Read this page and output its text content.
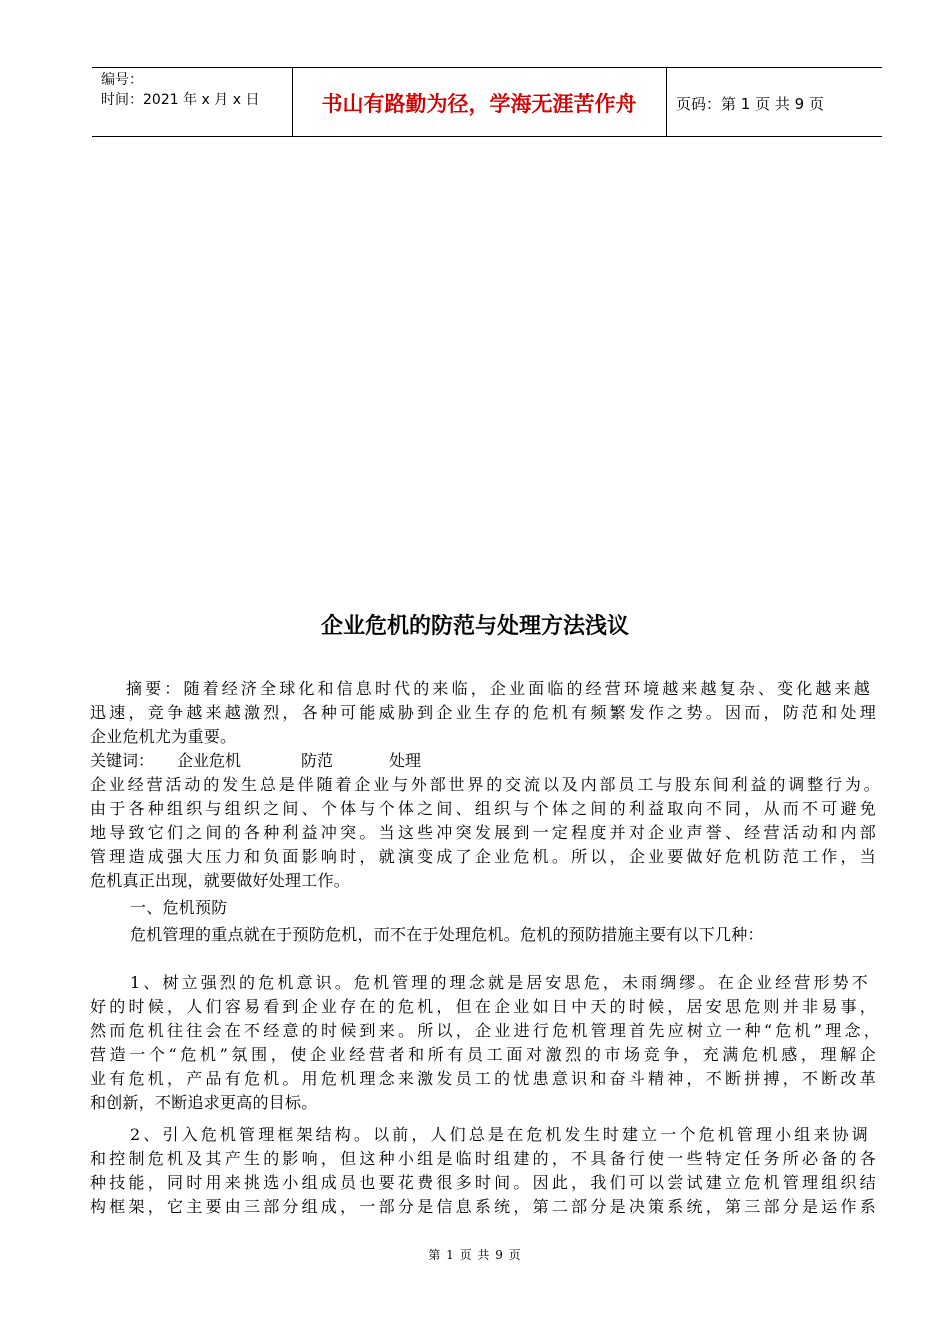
编号：
时间：2021 年 x 月 x 日	书山有路勤为径，学海无涯苦作舟	页码：第 1 页 共 9 页
企业危机的防范与处理方法浅议
摘要：随着经济全球化和信息时代的来临，企业面临的经营环境越来越复杂、变化越来越
迅速，竞争越来越激烈，各种可能威胁到企业生存的危机有频繁发作之势。因而，防范和处理
企业危机尤为重要。
关键词： 企业危机	防范	处理
企业经营活动的发生总是伴随着企业与外部世界的交流以及内部员工与股东间利益的调整行为。
由于各种组织与组织之间、个体与个体之间、组织与个体之间的利益取向不同，从而不可避免
地导致它们之间的各种利益冲突。当这些冲突发展到一定程度并对企业声誉、经营活动和内部
管理造成强大压力和负面影响时，就演变成了企业危机。所以，企业要做好危机防范工作，当
危机真正出现，就要做好处理工作。
一、危机预防
危机管理的重点就在于预防危机，而不在于处理危机。危机的预防措施主要有以下几种：
1、树立强烈的危机意识。危机管理的理念就是居安思危，未雨绸缪。在企业经营形势不
好的时候，人们容易看到企业存在的危机，但在企业如日中天的时候，居安思危则并非易事，
然而危机往往会在不经意的时候到来。所以，企业进行危机管理首先应树立一种“危机”理念，
营造一个“危机”氛围，使企业经营者和所有员工面对激烈的市场竞争，充满危机感，理解企
业有危机，产品有危机。用危机理念来激发员工的忧患意识和奋斗精神，不断拼搏，不断改革
和创新，不断追求更高的目标。
2、引入危机管理框架结构。以前，人们总是在危机发生时建立一个危机管理小组来协调
和控制危机及其产生的影响，但这种小组是临时组建的，不具备行使一些特定任务所必备的各
种技能，同时用来挑选小组成员也要花费很多时间。因此，我们可以尝试建立危机管理组织结
构框架，它主要由三部分组成，一部分是信息系统，第二部分是决策系统，第三部分是运作系
第 1 页 共 9 页
